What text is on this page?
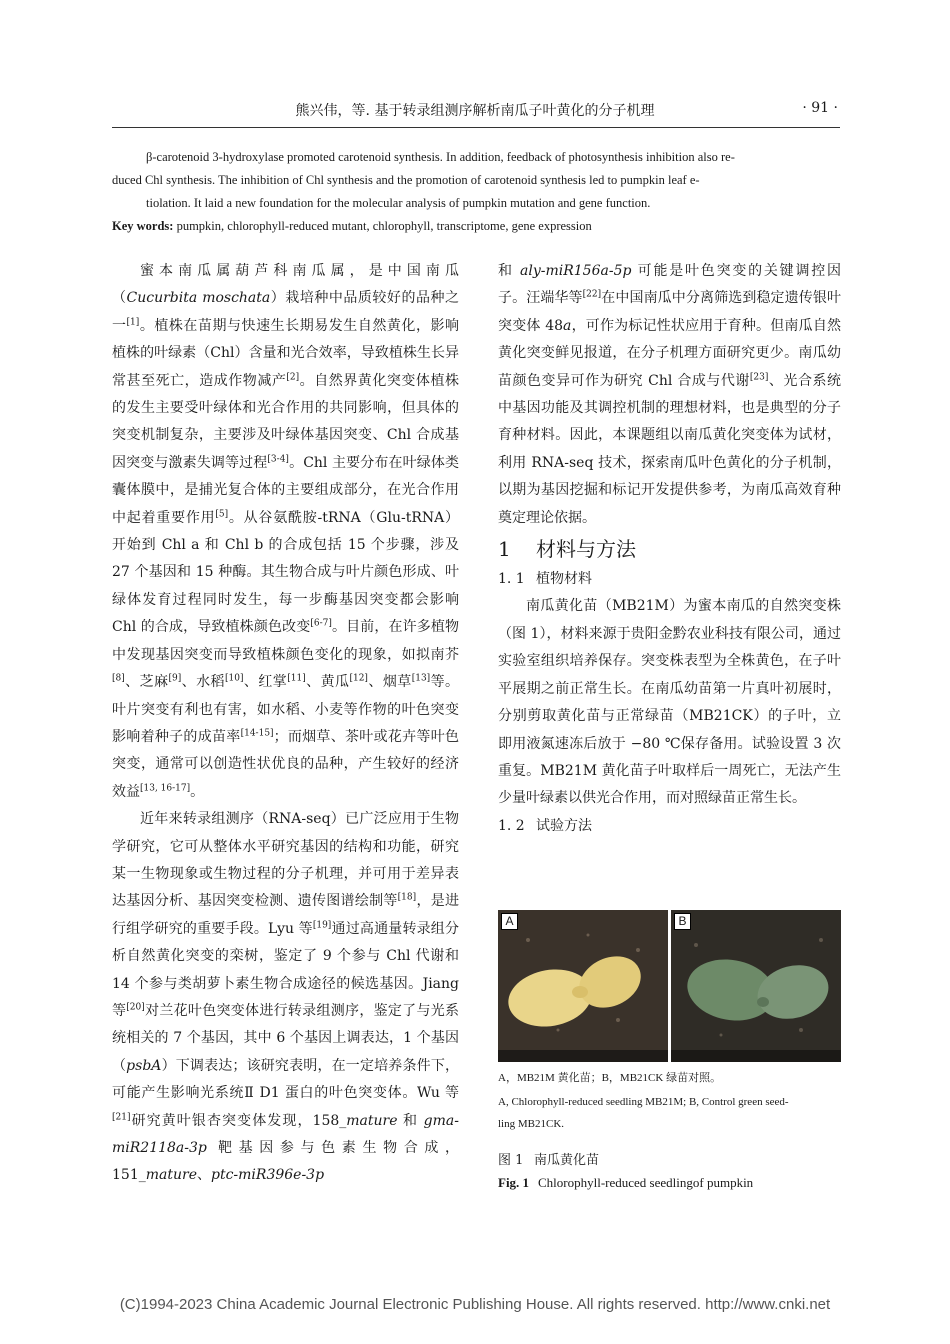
熊兴伟，等. 基于转录组测序解析南瓜子叶黄化的分子机理	· 91 ·

β-carotenoid 3-hydroxylase promoted carotenoid synthesis. In addition, feedback of photosynthesis inhibition also re-

duced Chl synthesis. The inhibition of Chl synthesis and the promotion of carotenoid synthesis led to pumpkin leaf e-

tiolation. It laid a new foundation for the molecular analysis of pumpkin mutation and gene function.

Key words: pumpkin, chlorophyll-reduced mutant, chlorophyll, transcriptome, gene expression

蜜本南瓜属葫芦科南瓜属，是中国南瓜（Cucurbita moschata）栽培种中品质较好的品种之一[1]。植株在苗期与快速生长期易发生自然黄化，影响植株的叶绿素（Chl）含量和光合效率，导致植株生长异常甚至死亡，造成作物减产[2]。自然界黄化突变体植株的发生主要受叶绿体和光合作用的共同影响，但具体的突变机制复杂，主要涉及叶绿体基因突变、Chl 合成基因突变与激素失调等过程[3-4]。Chl 主要分布在叶绿体类囊体膜中，是捕光复合体的主要组成部分，在光合作用中起着重要作用[5]。从谷氨酰胺-tRNA（Glu-tRNA）开始到 Chl a 和 Chl b 的合成包括 15 个步骤，涉及 27 个基因和 15 种酶。其生物合成与叶片颜色形成、叶绿体发育过程同时发生，每一步酶基因突变都会影响 Chl 的合成，导致植株颜色改变[6-7]。目前，在许多植物中发现基因突变而导致植株颜色变化的现象，如拟南芥[8]、芝麻[9]、水稻[10]、红掌[11]、黄瓜[12]、烟草[13]等。叶片突变有利也有害，如水稻、小麦等作物的叶色突变影响着种子的成苗率[14-15]；而烟草、茶叶或花卉等叶色突变，通常可以创造性状优良的品种，产生较好的经济效益[13, 16-17]。

近年来转录组测序（RNA-seq）已广泛应用于生物学研究，它可从整体水平研究基因的结构和功能，研究某一生物现象或生物过程的分子机理，并可用于差异表达基因分析、基因突变检测、遗传图谱绘制等[18]，是进行组学研究的重要手段。Lyu 等[19]通过高通量转录组分析自然黄化突变的栾树，鉴定了 9 个参与 Chl 代谢和 14 个参与类胡萝卜素生物合成途径的候选基因。Jiang 等[20]对兰花叶色突变体进行转录组测序，鉴定了与光系统相关的 7 个基因，其中 6 个基因上调表达，1 个基因（psbA）下调表达；该研究表明，在一定培养条件下，可能产生影响光系统Ⅱ D1 蛋白的叶色突变体。Wu 等[21]研究黄叶银杏突变体发现，158_mature 和 gma-miR2118a-3p 靶基因参与色素生物合成，151_mature、ptc-miR396e-3p

和 aly-miR156a-5p 可能是叶色突变的关键调控因子。汪端华等[22]在中国南瓜中分离筛选到稳定遗传银叶突变体 48a，可作为标记性状应用于育种。但南瓜自然黄化突变鲜见报道，在分子机理方面研究更少。南瓜幼苗颜色变异可作为研究 Chl 合成与代谢[23]、光合系统中基因功能及其调控机制的理想材料，也是典型的分子育种材料。因此，本课题组以南瓜黄化突变体为试材，利用 RNA-seq 技术，探索南瓜叶色黄化的分子机制，以期为基因挖掘和标记开发提供参考，为南瓜高效育种奠定理论依据。

1 材料与方法

1. 1 植物材料

南瓜黄化苗（MB21M）为蜜本南瓜的自然突变株（图 1），材料来源于贵阳金黔农业科技有限公司，通过实验室组织培养保存。突变株表型为全株黄色，在子叶平展期之前正常生长。在南瓜幼苗第一片真叶初展时，分别剪取黄化苗与正常绿苗（MB21CK）的子叶，立即用液氮速冻后放于 −80 ℃保存备用。试验设置 3 次重复。MB21M 黄化苗子叶取样后一周死亡，无法产生少量叶绿素以供光合作用，而对照绿苗正常生长。

1. 2 试验方法

A	B
A，MB21M 黄化苗；B，MB21CK 绿苗对照。
A, Chlorophyll-reduced seedling MB21M; B, Control green seed-
ling MB21CK.
图 1 南瓜黄化苗
Fig. 1 Chlorophyll-reduced seedlingof pumpkin
(C)1994-2023 China Academic Journal Electronic Publishing House. All rights reserved. http://www.cnki.net
